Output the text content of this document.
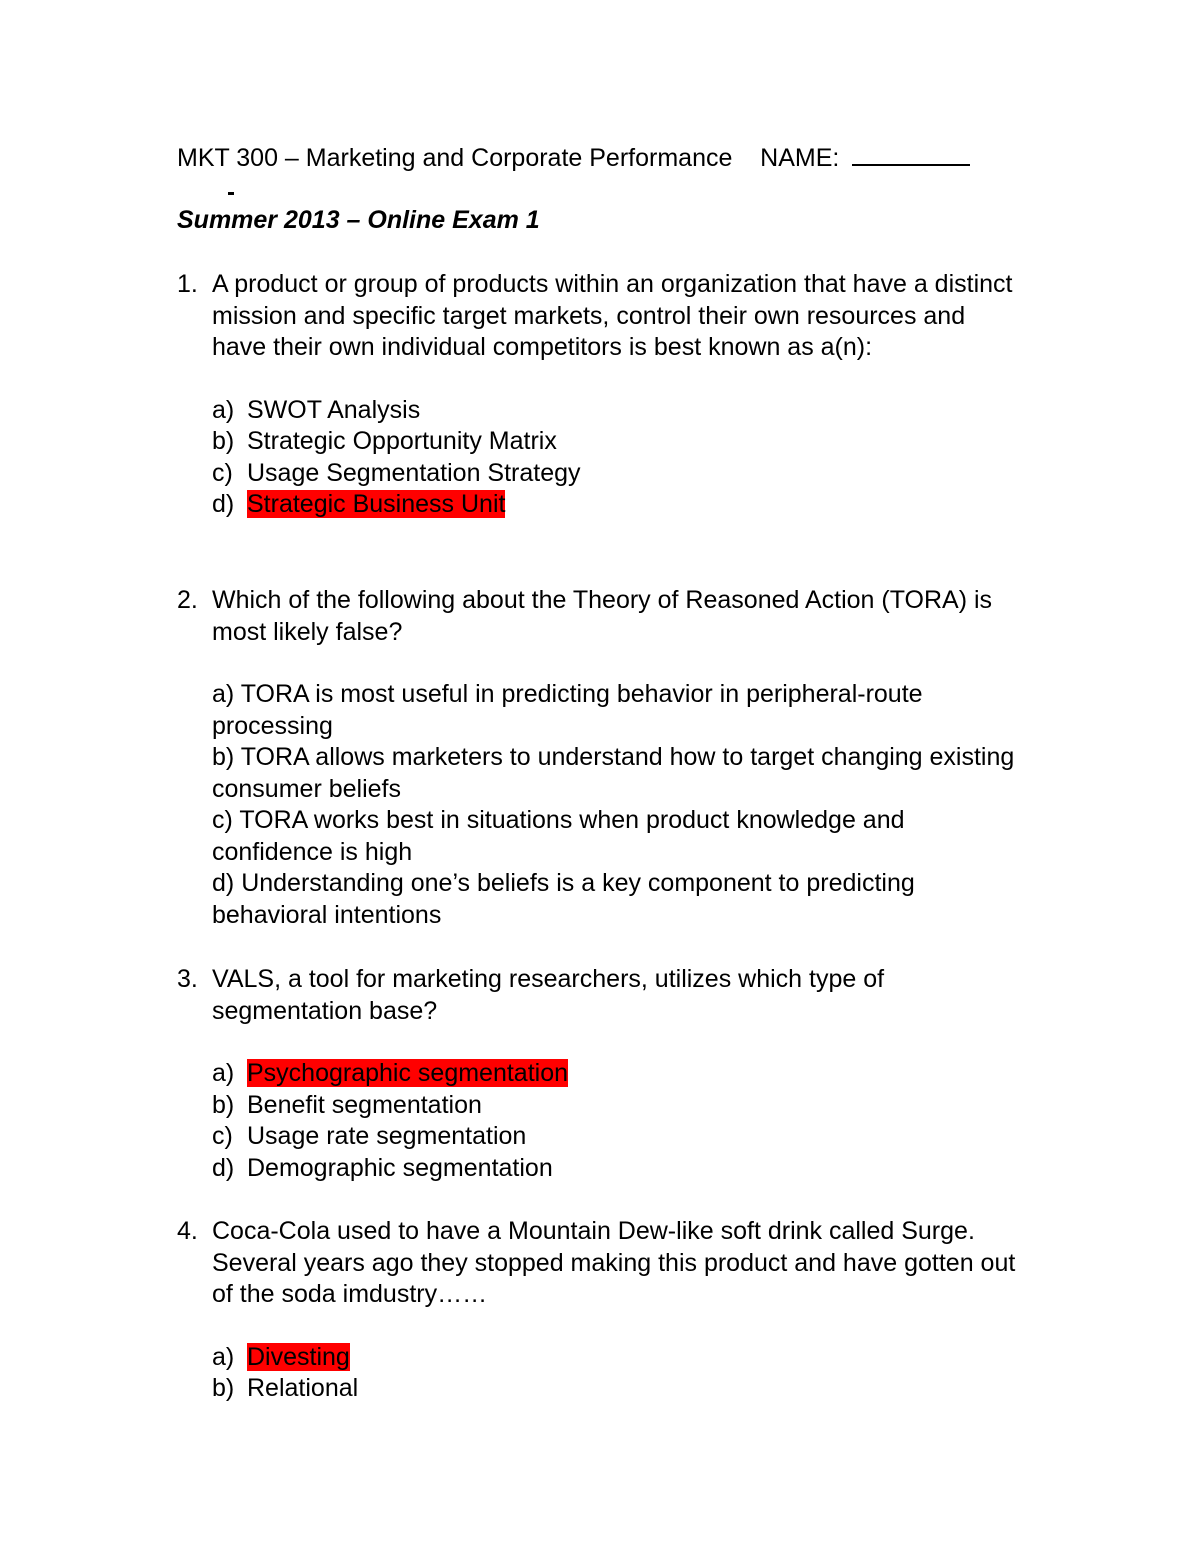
MKT 300 – Marketing and Corporate Performance NAME:
Summer 2013 – Online Exam 1
1. A product or group of products within an organization that have a distinct mission and specific target markets, control their own resources and have their own individual competitors is best known as a(n):
a) SWOT Analysis
b) Strategic Opportunity Matrix
c) Usage Segmentation Strategy
d) Strategic Business Unit
2. Which of the following about the Theory of Reasoned Action (TORA) is most likely false?
a) TORA is most useful in predicting behavior in peripheral-route processing
b) TORA allows marketers to understand how to target changing existing consumer beliefs
c) TORA works best in situations when product knowledge and confidence is high
d) Understanding one’s beliefs is a key component to predicting behavioral intentions
3. VALS, a tool for marketing researchers, utilizes which type of segmentation base?
a) Psychographic segmentation
b) Benefit segmentation
c) Usage rate segmentation
d) Demographic segmentation
4. Coca-Cola used to have a Mountain Dew-like soft drink called Surge. Several years ago they stopped making this product and have gotten out of the soda imdustry……
a) Divesting
b) Relational
